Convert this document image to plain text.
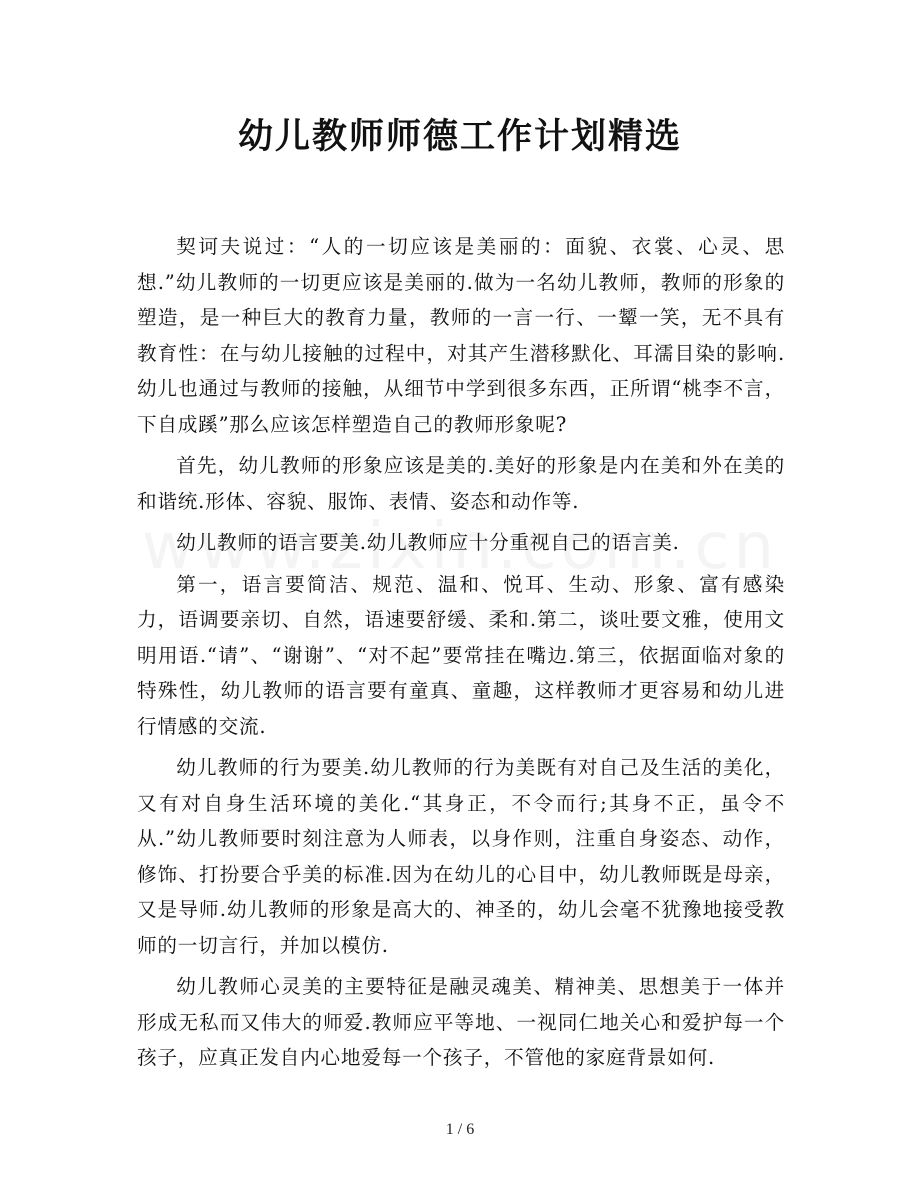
幼儿教师师德工作计划精选

契诃夫说过：“人的一切应该是美丽的：面貌、衣裳、心灵、思想.”幼儿教师的一切更应该是美丽的.做为一名幼儿教师，教师的形象的塑造，是一种巨大的教育力量，教师的一言一行、一颦一笑，无不具有教育性：在与幼儿接触的过程中，对其产生潜移默化、耳濡目染的影响.幼儿也通过与教师的接触，从细节中学到很多东西，正所谓“桃李不言，下自成蹊”那么应该怎样塑造自己的教师形象呢?

首先，幼儿教师的形象应该是美的.美好的形象是内在美和外在美的和谐统.形体、容貌、服饰、表情、姿态和动作等.

幼儿教师的语言要美.幼儿教师应十分重视自己的语言美.

第一，语言要简洁、规范、温和、悦耳、生动、形象、富有感染力，语调要亲切、自然，语速要舒缓、柔和.第二，谈吐要文雅，使用文明用语.“请”、“谢谢”、“对不起”要常挂在嘴边.第三，依据面临对象的特殊性，幼儿教师的语言要有童真、童趣，这样教师才更容易和幼儿进行情感的交流.

幼儿教师的行为要美.幼儿教师的行为美既有对自己及生活的美化，又有对自身生活环境的美化.“其身正，不令而行;其身不正，虽令不从.”幼儿教师要时刻注意为人师表，以身作则，注重自身姿态、动作，修饰、打扮要合乎美的标准.因为在幼儿的心目中，幼儿教师既是母亲，又是导师.幼儿教师的形象是高大的、神圣的，幼儿会毫不犹豫地接受教师的一切言行，并加以模仿.

幼儿教师心灵美的主要特征是融灵魂美、精神美、思想美于一体并形成无私而又伟大的师爱.教师应平等地、一视同仁地关心和爱护每一个孩子，应真正发自内心地爱每一个孩子，不管他的家庭背景如何.

1 / 6
